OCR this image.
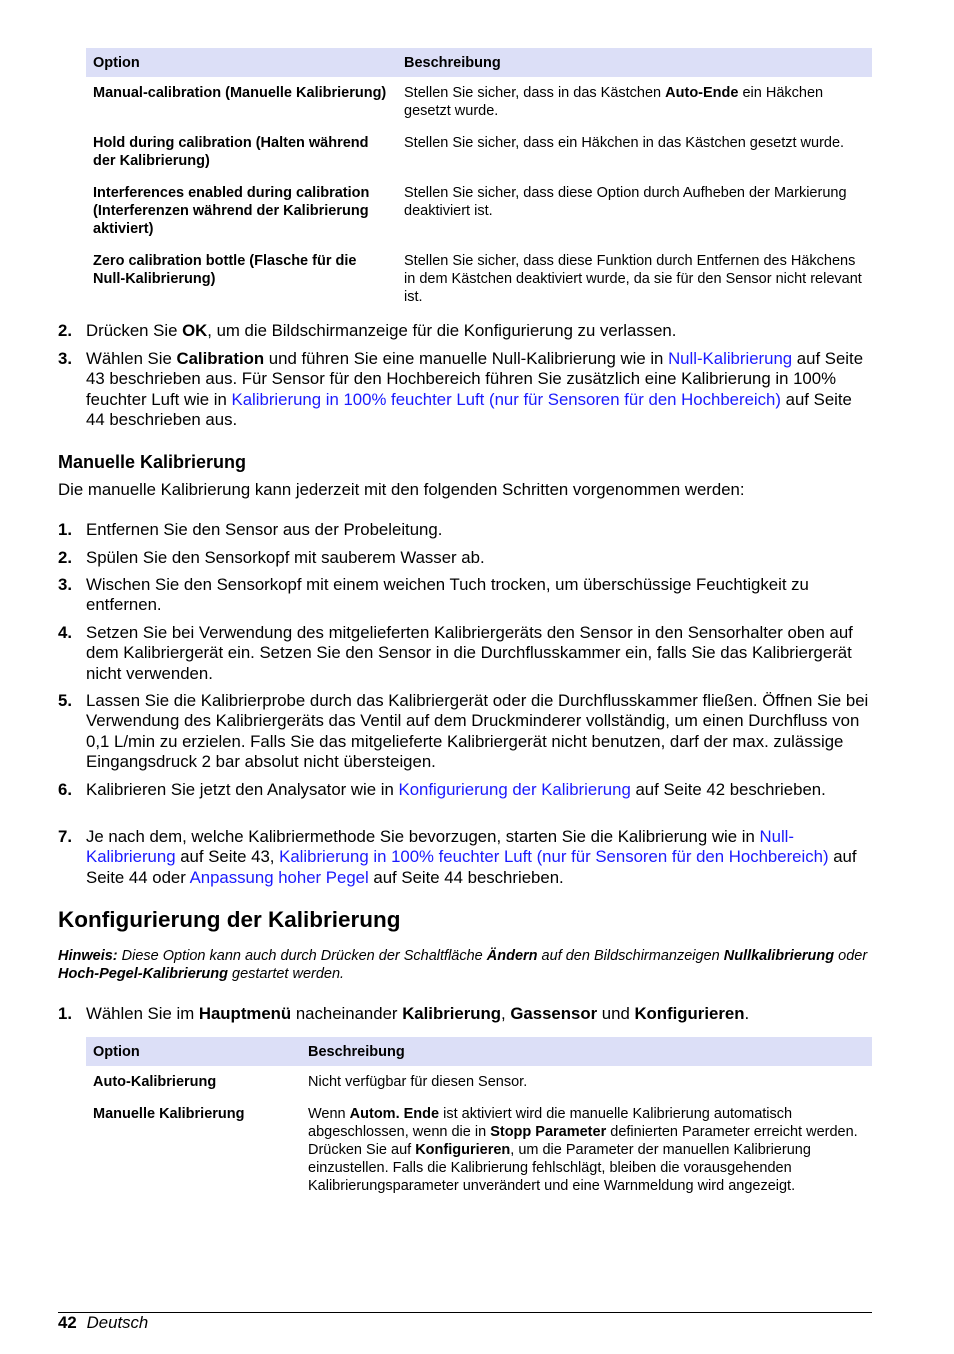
Option	Beschreibung
Manual-calibration (Manuelle Kalibrierung)	Stellen Sie sicher, dass in das Kästchen Auto-Ende ein Häkchen gesetzt wurde.
Hold during calibration (Halten während der Kalibrierung)	Stellen Sie sicher, dass ein Häkchen in das Kästchen gesetzt wurde.
Interferences enabled during calibration (Interferenzen während der Kalibrierung aktiviert)	Stellen Sie sicher, dass diese Option durch Aufheben der Markierung deaktiviert ist.
Zero calibration bottle (Flasche für die Null-Kalibrierung)	Stellen Sie sicher, dass diese Funktion durch Entfernen des Häkchens in dem Kästchen deaktiviert wurde, da sie für den Sensor nicht relevant ist.
2. Drücken Sie OK, um die Bildschirmanzeige für die Konfigurierung zu verlassen.
3. Wählen Sie Calibration und führen Sie eine manuelle Null-Kalibrierung wie in Null-Kalibrierung auf Seite 43 beschrieben aus. Für Sensor für den Hochbereich führen Sie zusätzlich eine Kalibrierung in 100% feuchter Luft wie in Kalibrierung in 100% feuchter Luft (nur für Sensoren für den Hochbereich) auf Seite 44 beschrieben aus.
Manuelle Kalibrierung

Die manuelle Kalibrierung kann jederzeit mit den folgenden Schritten vorgenommen werden:

1. Entfernen Sie den Sensor aus der Probeleitung.
2. Spülen Sie den Sensorkopf mit sauberem Wasser ab.
3. Wischen Sie den Sensorkopf mit einem weichen Tuch trocken, um überschüssige Feuchtigkeit zu entfernen.
4. Setzen Sie bei Verwendung des mitgelieferten Kalibriergeräts den Sensor in den Sensorhalter oben auf dem Kalibriergerät ein. Setzen Sie den Sensor in die Durchflusskammer ein, falls Sie das Kalibriergerät nicht verwenden.
5. Lassen Sie die Kalibrierprobe durch das Kalibriergerät oder die Durchflusskammer fließen. Öffnen Sie bei Verwendung des Kalibriergeräts das Ventil auf dem Druckminderer vollständig, um einen Durchfluss von 0,1 L/min zu erzielen. Falls Sie das mitgelieferte Kalibriergerät nicht benutzen, darf der max. zulässige Eingangsdruck 2 bar absolut nicht übersteigen.
6. Kalibrieren Sie jetzt den Analysator wie in Konfigurierung der Kalibrierung auf Seite 42 beschrieben.
7. Je nach dem, welche Kalibriermethode Sie bevorzugen, starten Sie die Kalibrierung wie in Null-Kalibrierung auf Seite 43, Kalibrierung in 100% feuchter Luft (nur für Sensoren für den Hochbereich) auf Seite 44 oder Anpassung hoher Pegel auf Seite 44 beschrieben.
Konfigurierung der Kalibrierung

Hinweis: Diese Option kann auch durch Drücken der Schaltfläche Ändern auf den Bildschirmanzeigen Nullkalibrierung oder Hoch-Pegel-Kalibrierung gestartet werden.

1. Wählen Sie im Hauptmenü nacheinander Kalibrierung, Gassensor und Konfigurieren.
Option	Beschreibung
Auto-Kalibrierung	Nicht verfügbar für diesen Sensor.
Manuelle Kalibrierung	Wenn Autom. Ende ist aktiviert wird die manuelle Kalibrierung automatisch abgeschlossen, wenn die in Stopp Parameter definierten Parameter erreicht werden. Drücken Sie auf Konfigurieren, um die Parameter der manuellen Kalibrierung einzustellen. Falls die Kalibrierung fehlschlägt, bleiben die vorausgehenden Kalibrierungsparameter unverändert und eine Warnmeldung wird angezeigt.
42 Deutsch
